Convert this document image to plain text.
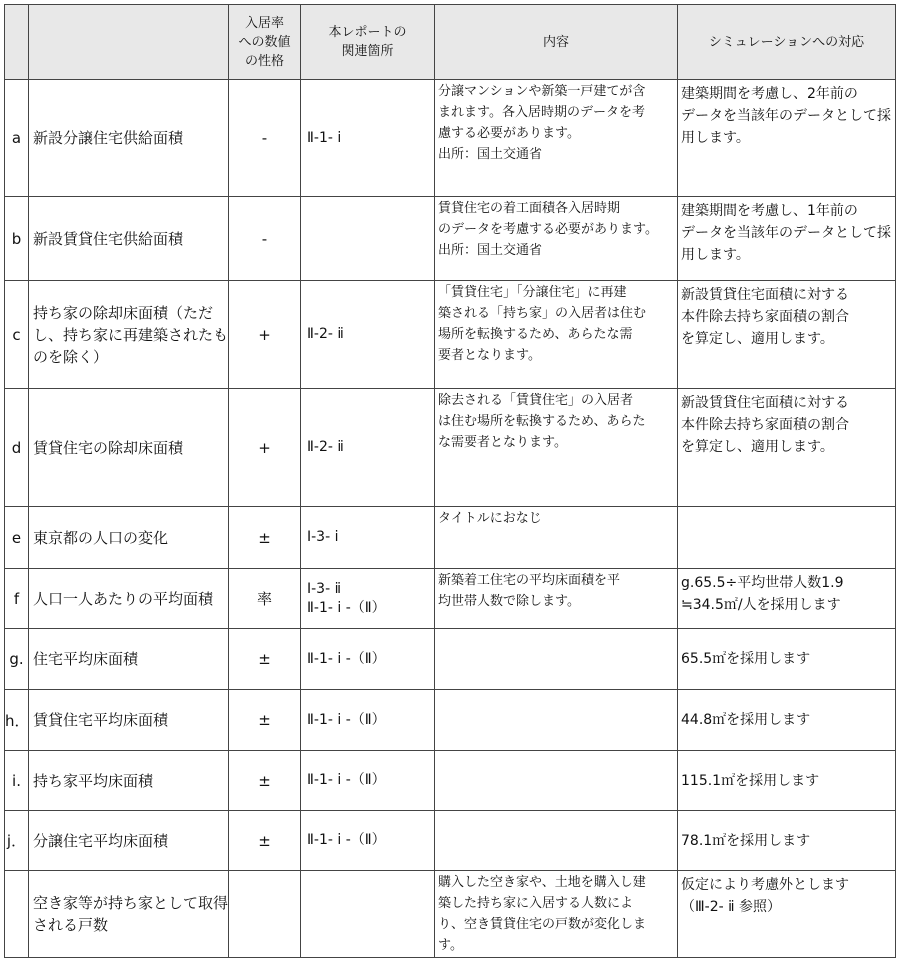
		入居率
への数値
の性格	本レポートの
関連箇所	内容	シミュレーションへの対応

a	新設分譲住宅供給面積	-	Ⅱ-1- ⅰ	分譲マンションや新築一戸建てが含
まれます。各入居時期のデータを考
慮する必要があります。
出所：国土交通省	建築期間を考慮し、2年前の
データを当該年のデータとして採
用します。

b	新設賃貸住宅供給面積	-		賃貸住宅の着工面積各入居時期
のデータを考慮する必要があります。
出所：国土交通省	建築期間を考慮し、1年前の
データを当該年のデータとして採
用します。

c	持ち家の除却床面積（ただ
し、持ち家に再建築されたも
のを除く）	+	Ⅱ-2- ⅱ	「賃貸住宅」「分譲住宅」に再建
築される「持ち家」の入居者は住む
場所を転換するため、あらたな需
要者となります。	新設賃貸住宅面積に対する
本件除去持ち家面積の割合
を算定し、適用します。

d	賃貸住宅の除却床面積	+	Ⅱ-2- ⅱ	除去される「賃貸住宅」の入居者
は住む場所を転換するため、あらた
な需要者となります。	新設賃貸住宅面積に対する
本件除去持ち家面積の割合
を算定し、適用します。

e	東京都の人口の変化	±	Ⅰ-3- ⅰ	タイトルにおなじ	

f	人口一人あたりの平均面積	率	Ⅰ-3- ⅱ
Ⅱ-1- ⅰ -（Ⅱ）	新築着工住宅の平均床面積を平
均世帯人数で除します。	g.65.5÷平均世帯人数1.9
≒34.5㎡/人を採用します

g.	住宅平均床面積	±	Ⅱ-1- ⅰ -（Ⅱ）		65.5㎡を採用します

h．	賃貸住宅平均床面積	±	Ⅱ-1- ⅰ -（Ⅱ）		44.8㎡を採用します

i.	持ち家平均床面積	±	Ⅱ-1- ⅰ -（Ⅱ）		115.1㎡を採用します

j．	分譲住宅平均床面積	±	Ⅱ-1- ⅰ -（Ⅱ）		78.1㎡を採用します

	空き家等が持ち家として取得
される戸数			購入した空き家や、土地を購入し建
築した持ち家に入居する人数によ
り、空き賃貸住宅の戸数が変化しま
す。	仮定により考慮外とします
（Ⅲ-2- ⅱ 参照）
